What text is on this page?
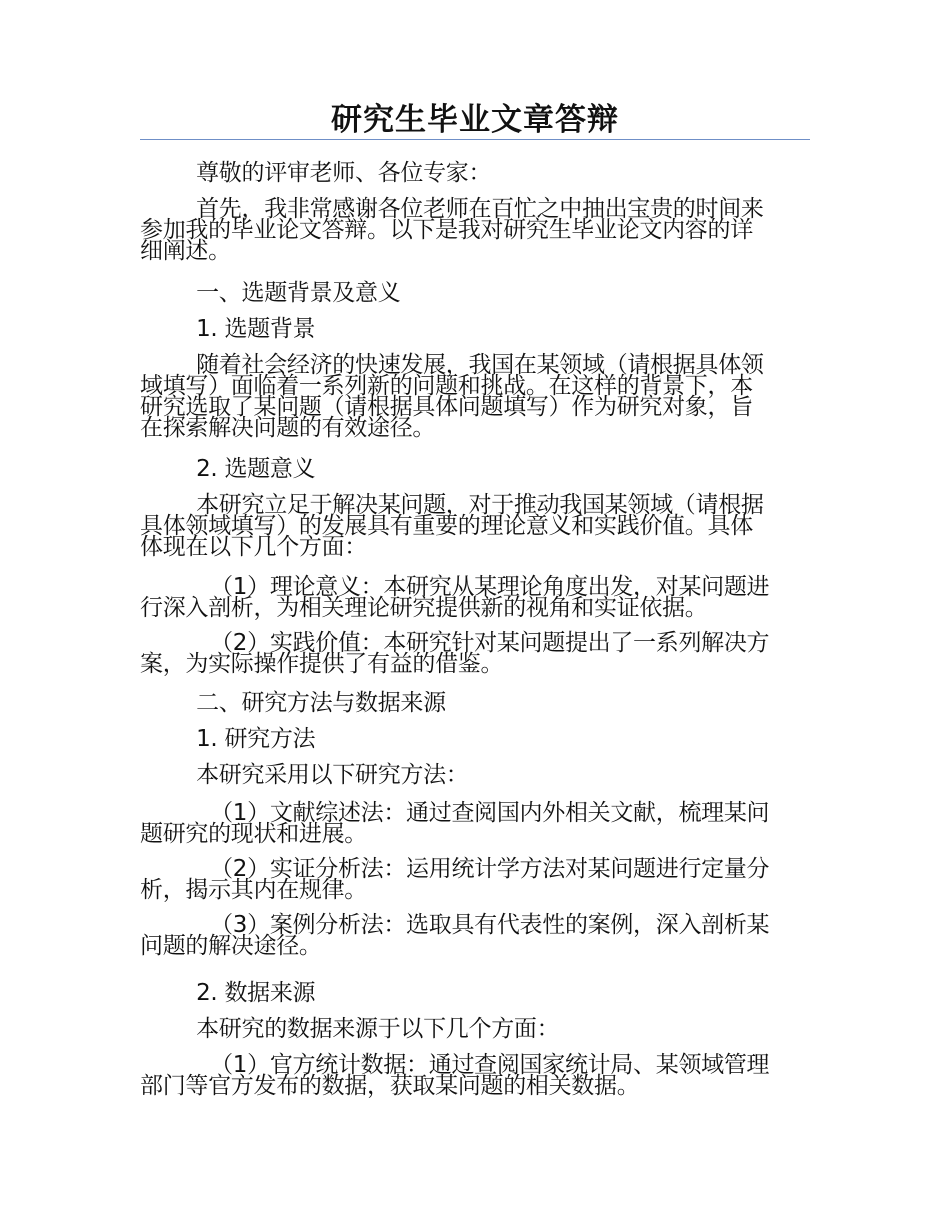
研究生毕业文章答辩
尊敬的评审老师、各位专家：
首先，我非常感谢各位老师在百忙之中抽出宝贵的时间来
参加我的毕业论文答辩。以下是我对研究生毕业论文内容的详
细阐述。
一、选题背景及意义
1. 选题背景
随着社会经济的快速发展，我国在某领域（请根据具体领
域填写）面临着一系列新的问题和挑战。在这样的背景下，本
研究选取了某问题（请根据具体问题填写）作为研究对象，旨
在探索解决问题的有效途径。
2. 选题意义
本研究立足于解决某问题，对于推动我国某领域（请根据
具体领域填写）的发展具有重要的理论意义和实践价值。具体
体现在以下几个方面：
（1）理论意义：本研究从某理论角度出发，对某问题进
行深入剖析，为相关理论研究提供新的视角和实证依据。
（2）实践价值：本研究针对某问题提出了一系列解决方
案，为实际操作提供了有益的借鉴。
二、研究方法与数据来源
1. 研究方法
本研究采用以下研究方法：
（1）文献综述法：通过查阅国内外相关文献，梳理某问
题研究的现状和进展。
（2）实证分析法：运用统计学方法对某问题进行定量分
析，揭示其内在规律。
（3）案例分析法：选取具有代表性的案例，深入剖析某
问题的解决途径。
2. 数据来源
本研究的数据来源于以下几个方面：
（1）官方统计数据：通过查阅国家统计局、某领域管理
部门等官方发布的数据，获取某问题的相关数据。
